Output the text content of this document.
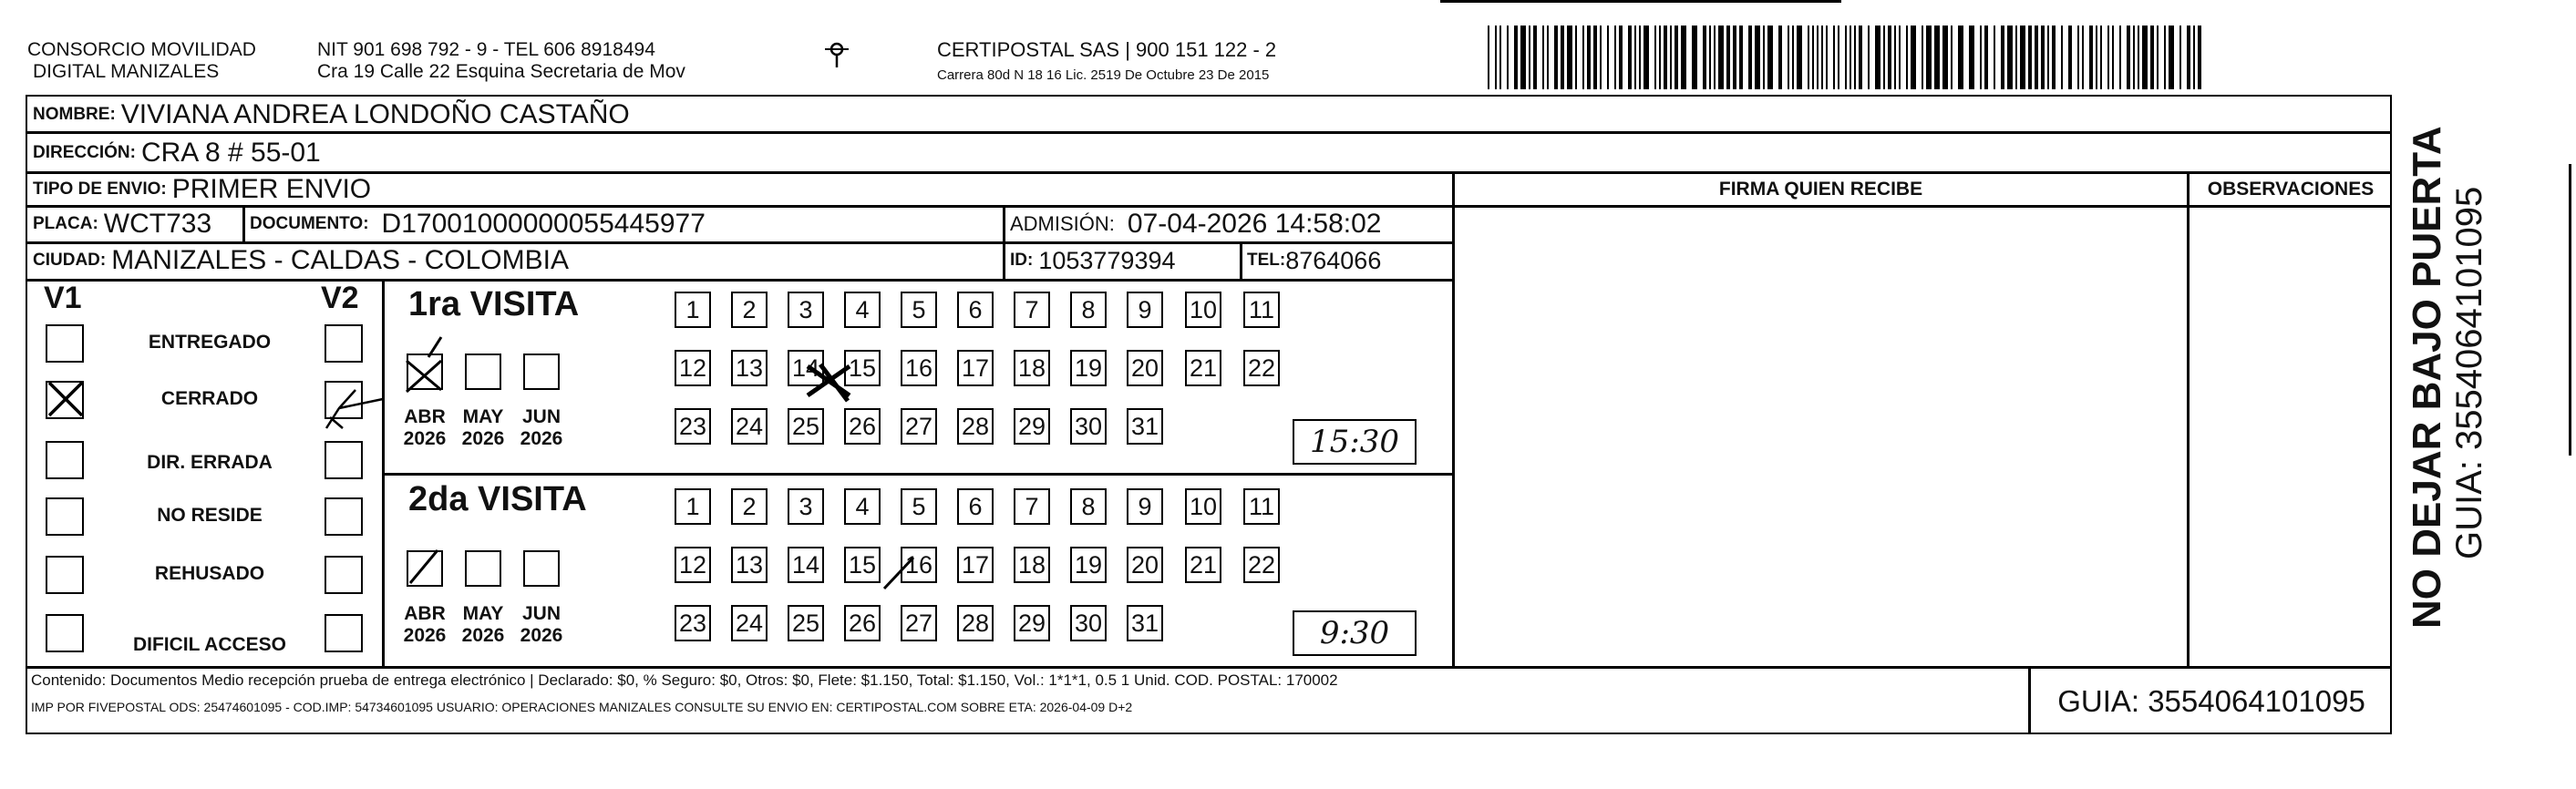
CONSORCIO MOVILIDAD
DIGITAL MANIZALES
NIT 901 698 792 - 9 - TEL 606 8918494
Cra 19 Calle 22 Esquina Secretaria de Mov
CERTIPOSTAL SAS | 900 151 122 - 2
Carrera 80d N 18 16 Lic. 2519 De Octubre 23 De 2015
NOMBRE: VIVIANA ANDREA LONDOÑO CASTAÑO
DIRECCIÓN: CRA 8 # 55-01
TIPO DE ENVIO: PRIMER ENVIO
PLACA: WCT733 DOCUMENTO: D17001000000055445977	ADMISIÓN: 07-04-2026 14:58:02
CIUDAD: MANIZALES - CALDAS - COLOMBIA	ID: 1053779394	TEL: 8764066
FIRMA QUIEN RECIBE	OBSERVACIONES
V1	V2
ENTREGADO
CERRADO
DIR. ERRADA
NO RESIDE
REHUSADO
DIFICIL ACCESO
1ra VISITA
2da VISITA
ABR
2026
MAY
2026
JUN
2026
1	2	3	4	5	6	7	8	9	10 11
12 13 14 15 16 17 18 19 20 21 22
23 24 25 26 27 28 29 30 31
ABR
2026
MAY
2026
JUN
2026
1	2	3	4	5	6	7	8	9	10 11
12 13 14 15 16 17 18 19 20 21 22
23 24 25 26 27 28 29 30 31
15:30
9:30
Contenido: Documentos Medio recepción prueba de entrega electrónico | Declarado: $0, % Seguro: $0, Otros: $0, Flete: $1.150, Total: $1.150, Vol.: 1*1*1, 0.5 1 Unid. COD. POSTAL: 170002
IMP POR FIVEPOSTAL ODS: 25474601095 - COD.IMP: 54734601095 USUARIO: OPERACIONES MANIZALES CONSULTE SU ENVIO EN: CERTIPOSTAL.COM SOBRE ETA: 2026-04-09 D+2	GUIA: 3554064101095
NO DEJAR BAJO PUERTA GUIA: 3554064101095
